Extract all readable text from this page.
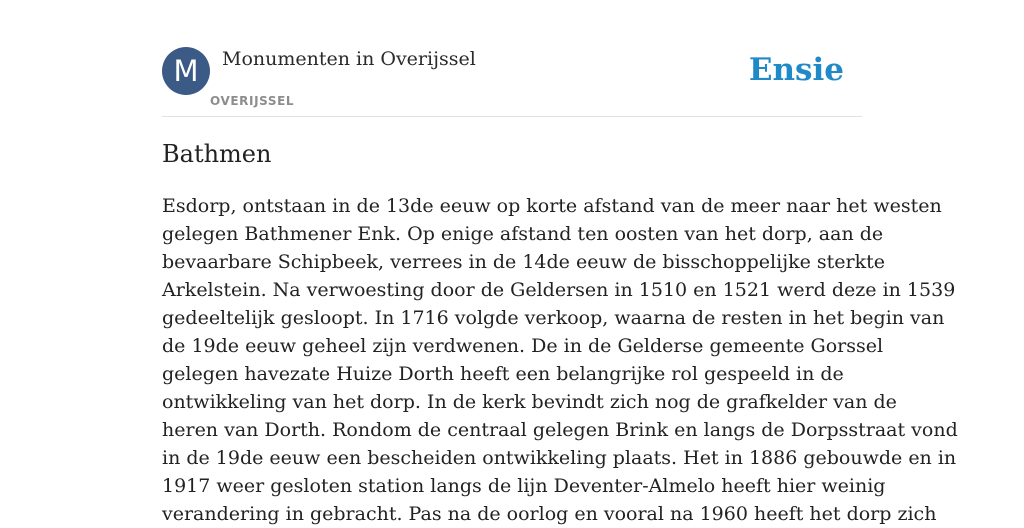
M	Monumenten in Overijssel
OVERIJSSEL
Ensie
Bathmen
Esdorp, ontstaan in de 13de eeuw op korte afstand van de meer naar het westen
gelegen Bathmener Enk. Op enige afstand ten oosten van het dorp, aan de
bevaarbare Schipbeek, verrees in de 14de eeuw de bisschoppelijke sterkte
Arkelstein. Na verwoesting door de Geldersen in 1510 en 1521 werd deze in 1539
gedeeltelijk gesloopt. In 1716 volgde verkoop, waarna de resten in het begin van
de 19de eeuw geheel zijn verdwenen. De in de Gelderse gemeente Gorssel
gelegen havezate Huize Dorth heeft een belangrijke rol gespeeld in de
ontwikkeling van het dorp. In de kerk bevindt zich nog de grafkelder van de
heren van Dorth. Rondom de centraal gelegen Brink en langs de Dorpsstraat vond
in de 19de eeuw een bescheiden ontwikkeling plaats. Het in 1886 gebouwde en in
1917 weer gesloten station langs de lijn Deventer-Almelo heeft hier weinig
verandering in gebracht. Pas na de oorlog en vooral na 1960 heeft het dorp zich
